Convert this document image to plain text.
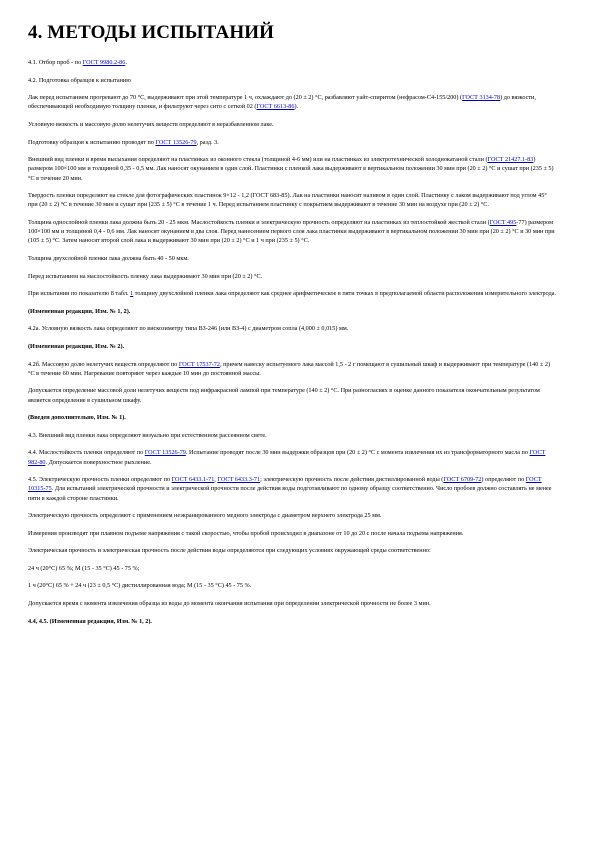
4. МЕТОДЫ ИСПЫТАНИЙ

4.1. Отбор проб - по ГОСТ 9980.2-86.

4.2. Подготовка образцов к испытанию

Лак перед испытанием прогревают до 70 °С, выдерживают при этой температуре 1 ч, охлаждают до (20 ± 2) °С, разбавляют уайт-спиритом (нефрасом-С4-155/200) (ГОСТ 3134-78) до вязкости, обеспечивающей необходимую толщину пленки, и фильтруют через сито с сеткой 02 (ГОСТ 6613-86).

Условную вязкость и массовую долю нелетучих веществ определяют в неразбавленном лаке.

Подготовку образцов к испытанию проводят по ГОСТ 13526-79, разд. 3.

Внешний вид пленки и время высыхания определяют на пластинках из оконного стекла (толщиной 4-6 мм) или на пластинках из электротехнической холоднокатаной стали (ГОСТ 21427.1-83) размером 100×100 мм и толщиной 0,35 - 0,5 мм. Лак наносят окунанием в один слой. Пластинки с пленкой лака выдерживают в вертикальном положении 30 мин при (20 ± 2) °С и сушат при (235 ± 5) °С в течение 20 мин.

Твердость пленки определяют на стекле для фотографических пластинок 9×12 - 1,2 (ГОСТ 683-85). Лак на пластинки наносят наливом в один слой. Пластинку с лаком выдерживают под углом 45° при (20 ± 2) °С в течение 30 мин и сушат при (235 ± 5) °С в течение 1 ч. Перед испытанием пластинку с покрытием выдерживают в течение 30 мин на воздухе при (20 ± 2) °С.

Толщина однослойной пленки лака должна быть 20 - 25 мкм. Маслостойкость пленки и электрическую прочность определяют на пластинках из теплостойкой жесткой стали (ГОСТ 495-77) размером 100×100 мм и толщиной 0,4 - 0,6 мм. Лак наносят окунанием в два слоя. Перед нанесением первого слоя лака пластинки выдерживают в вертикальном положении 30 мин при (20 ± 2) °С и 30 мин при (105 ± 5) °С. Затем наносят второй слой лака и выдерживают 30 мин при (20 ± 2) °С и 1 ч при (235 ± 5) °С.

Толщина двухслойной пленки лака должна быть 40 - 50 мкм.

Перед испытанием на маслостойкость пленку лака выдерживают 30 мин при (20 ± 2) °С.

При испытании по показателю 8 табл. 1 толщину двухслойной пленки лака определяют как среднее арифметическое в пяти точках в предполагаемой области расположения измерительного электрода.

(Измененная редакция, Изм. № 1, 2).

4.2а. Условную вязкость лака определяют по вискозиметру типа ВЗ-246 (или ВЗ-4) с диаметром сопла (4,000 ± 0,015) мм.

(Измененная редакция, Изм. № 2).

4.2б. Массовую долю нелетучих веществ определяют по ГОСТ 17537-72, причем навеску испытуемого лака массой 1,5 - 2 г помещают в сушильный шкаф и выдерживают при температуре (140 ± 2) °С в течение 60 мин. Нагревание повторяют через каждые 10 мин до постоянной массы.

Допускается определение массовой доли нелетучих веществ под инфракрасной лампой при температуре (140 ± 2) °С. При разногласиях в оценке данного показателя окончательным результатом является определение в сушильном шкафу.

(Введен дополнительно, Изм. № 1).

4.3. Внешний вид пленки лака определяют визуально при естественном рассеянном свете.

4.4. Маслостойкость пленки определяют по ГОСТ 13526-79. Испытание проводят после 30 мин выдержки образцов при (20 ± 2) °С с момента извлечения их из трансформаторного масла по ГОСТ 982-80. Допускается поверхностное рыхление.

4.5. Электрическую прочность пленки определяют по ГОСТ 6433.1-71, ГОСТ 6433.3-71; электрическую прочность после действия дистиллированной воды (ГОСТ 6709-72) определяют по ГОСТ 10315-75. Для испытаний электрической прочности и электрической прочности после действия воды подготавливают по одному образцу соответственно. Число пробоев должно составлять не менее пяти в каждой стороне пластинки.

Электрическую прочность определяют с применением неэкранированного медного электрода с диаметром верхнего электрода 25 мм.

Измерения производят при плавном подъеме напряжения с такой скоростью, чтобы пробой происходил в диапазоне от 10 до 20 с после начала подъема напряжения.

Электрическая прочность и электрическая прочность после действия воды определяются при следующих условиях окружающей среды соответственно:

24 ч (20°C) 65 %; М (15 - 35 °C) 45 - 75 %;

1 ч (20°C) 65 % + 24 ч (23 ± 0,5 °C) дистиллированная вода; М (15 - 35 °C) 45 - 75 %.

Допускается время с момента извлечения образца из воды до момента окончания испытания при определении электрической прочности не более 3 мин.

4.4, 4.5. (Измененная редакция, Изм. № 1, 2).
